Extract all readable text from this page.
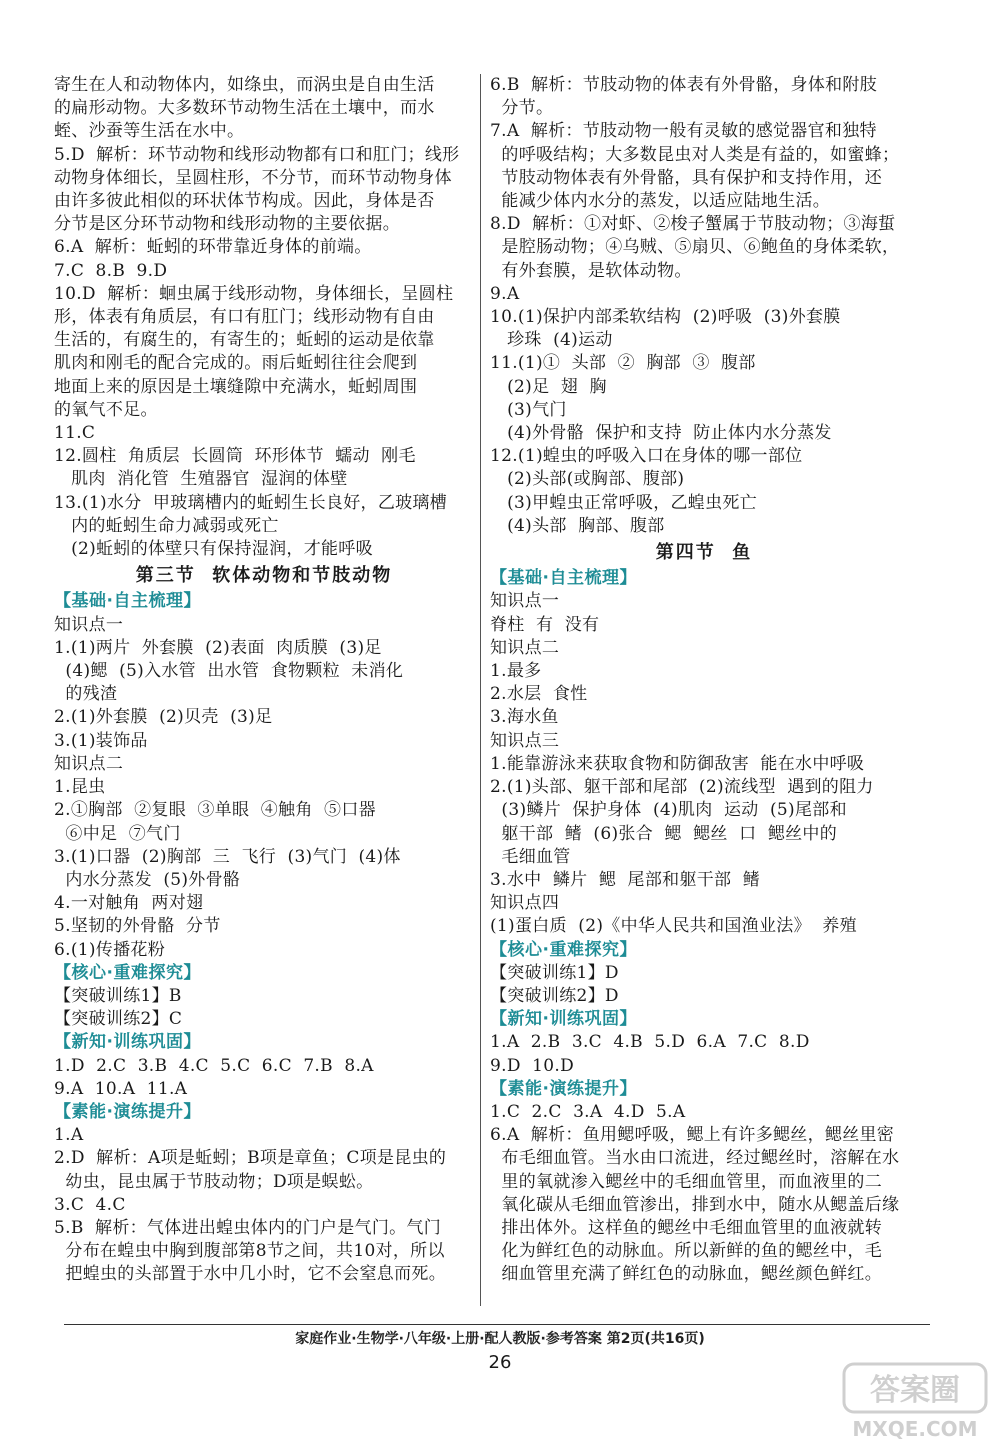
寄生在人和动物体内，如绦虫，而涡虫是自由生活
的扁形动物。大多数环节动物生活在土壤中，而水
蛭、沙蚕等生活在水中。
5.D  解析：环节动物和线形动物都有口和肛门；线形
动物身体细长，呈圆柱形，不分节，而环节动物身体
由许多彼此相似的环状体节构成。因此，身体是否
分节是区分环节动物和线形动物的主要依据。
6.A  解析：蚯蚓的环带靠近身体的前端。
7.C  8.B  9.D
10.D  解析：蛔虫属于线形动物，身体细长，呈圆柱
形，体表有角质层，有口有肛门；线形动物有自由
生活的，有腐生的，有寄生的；蚯蚓的运动是依靠
肌肉和刚毛的配合完成的。雨后蚯蚓往往会爬到
地面上来的原因是土壤缝隙中充满水，蚯蚓周围
的氧气不足。
11.C
12.圆柱  角质层  长圆筒  环形体节  蠕动  刚毛
肌肉  消化管  生殖器官  湿润的体壁
13.(1)水分  甲玻璃槽内的蚯蚓生长良好，乙玻璃槽
内的蚯蚓生命力减弱或死亡
(2)蚯蚓的体壁只有保持湿润，才能呼吸
第三节  软体动物和节肢动物
【基础·自主梳理】
知识点一
1.(1)两片  外套膜  (2)表面  肉质膜  (3)足
(4)鳃  (5)入水管  出水管  食物颗粒  未消化
的残渣
2.(1)外套膜  (2)贝壳  (3)足
3.(1)装饰品
知识点二
1.昆虫
2.①胸部  ②复眼  ③单眼  ④触角  ⑤口器
⑥中足  ⑦气门
3.(1)口器  (2)胸部  三  飞行  (3)气门  (4)体
内水分蒸发  (5)外骨骼
4.一对触角  两对翅
5.坚韧的外骨骼  分节
6.(1)传播花粉
【核心·重难探究】
【突破训练1】B
【突破训练2】C
【新知·训练巩固】
1.D  2.C  3.B  4.C  5.C  6.C  7.B  8.A
9.A  10.A  11.A
【素能·演练提升】
1.A
2.D  解析：A项是蚯蚓；B项是章鱼；C项是昆虫的
幼虫，昆虫属于节肢动物；D项是蜈蚣。
3.C  4.C
5.B  解析：气体进出蝗虫体内的门户是气门。气门
分布在蝗虫中胸到腹部第8节之间，共10对，所以
把蝗虫的头部置于水中几小时，它不会窒息而死。
6.B  解析：节肢动物的体表有外骨骼，身体和附肢
分节。
7.A  解析：节肢动物一般有灵敏的感觉器官和独特
的呼吸结构；大多数昆虫对人类是有益的，如蜜蜂；
节肢动物体表有外骨骼，具有保护和支持作用，还
能减少体内水分的蒸发，以适应陆地生活。
8.D  解析：①对虾、②梭子蟹属于节肢动物；③海蜇
是腔肠动物；④乌贼、⑤扇贝、⑥鲍鱼的身体柔软，
有外套膜，是软体动物。
9.A
10.(1)保护内部柔软结构  (2)呼吸  (3)外套膜
珍珠  (4)运动
11.(1)①  头部  ②  胸部  ③  腹部
(2)足  翅  胸
(3)气门
(4)外骨骼  保护和支持  防止体内水分蒸发
12.(1)蝗虫的呼吸入口在身体的哪一部位
(2)头部(或胸部、腹部)
(3)甲蝗虫正常呼吸，乙蝗虫死亡
(4)头部  胸部、腹部
第四节  鱼
【基础·自主梳理】
知识点一
脊柱  有  没有
知识点二
1.最多
2.水层  食性
3.海水鱼
知识点三
1.能靠游泳来获取食物和防御敌害  能在水中呼吸
2.(1)头部、躯干部和尾部  (2)流线型  遇到的阻力
(3)鳞片  保护身体  (4)肌肉  运动  (5)尾部和
躯干部  鳍  (6)张合  鳃  鳃丝  口  鳃丝中的
毛细血管
3.水中  鳞片  鳃  尾部和躯干部  鳍
知识点四
(1)蛋白质  (2)《中华人民共和国渔业法》  养殖
【核心·重难探究】
【突破训练1】D
【突破训练2】D
【新知·训练巩固】
1.A  2.B  3.C  4.B  5.D  6.A  7.C  8.D
9.D  10.D
【素能·演练提升】
1.C  2.C  3.A  4.D  5.A
6.A  解析：鱼用鳃呼吸，鳃上有许多鳃丝，鳃丝里密
布毛细血管。当水由口流进，经过鳃丝时，溶解在水
里的氧就渗入鳃丝中的毛细血管里，而血液里的二
氧化碳从毛细血管渗出，排到水中，随水从鳃盖后缘
排出体外。这样鱼的鳃丝中毛细血管里的血液就转
化为鲜红色的动脉血。所以新鲜的鱼的鳃丝中，毛
细血管里充满了鲜红色的动脉血，鳃丝颜色鲜红。
家庭作业·生物学·八年级·上册·配人教版·参考答案 第2页(共16页)
26
答案圈
MXQE.COM
